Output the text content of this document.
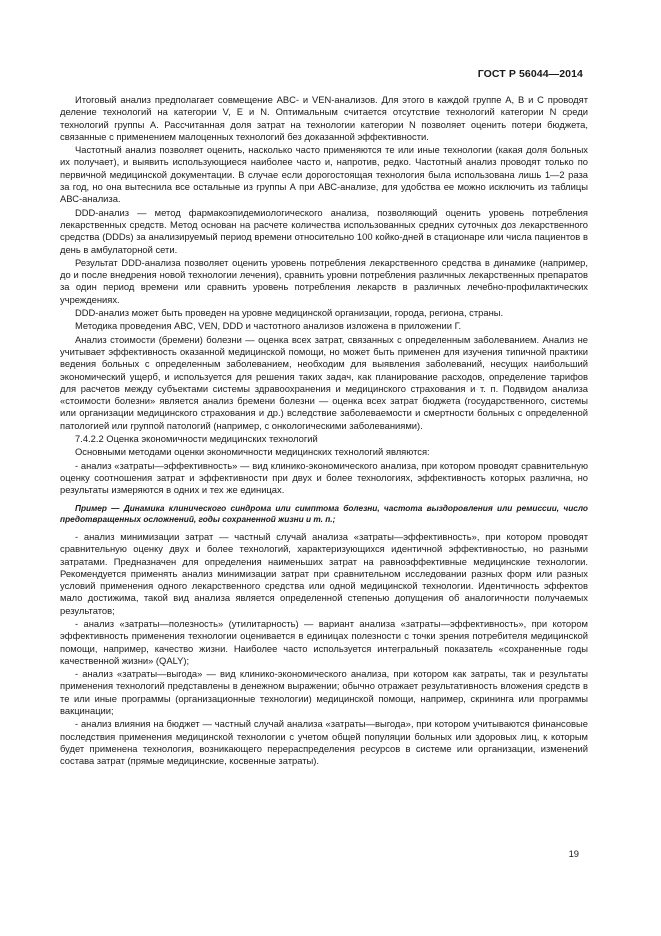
ГОСТ Р 56044—2014

Итоговый анализ предполагает совмещение ABC- и VEN-анализов. Для этого в каждой группе А, В и С проводят деление технологий на категории V, E и N. Оптимальным считается отсутствие технологий категории N среди технологий группы А. Рассчитанная доля затрат на технологии категории N позволяет оценить потери бюджета, связанные с применением малоценных технологий без доказанной эффективности.

Частотный анализ позволяет оценить, насколько часто применяются те или иные технологии (какая доля больных их получает), и выявить использующиеся наиболее часто и, напротив, редко. Частотный анализ проводят только по первичной медицинской документации. В случае если дорогостоящая технология была использована лишь 1—2 раза за год, но она вытеснила все остальные из группы А при АВС-анализе, для удобства ее можно исключить из таблицы АВС-анализа.

DDD-анализ — метод фармакоэпидемиологического анализа, позволяющий оценить уровень потребления лекарственных средств. Метод основан на расчете количества использованных средних суточных доз лекарственного средства (DDDs) за анализируемый период времени относительно 100 койко-дней в стационаре или числа пациентов в день в амбулаторной сети.

Результат DDD-анализа позволяет оценить уровень потребления лекарственного средства в динамике (например, до и после внедрения новой технологии лечения), сравнить уровни потребления различных лекарственных препаратов за один период времени или сравнить уровень потребления лекарств в различных лечебно-профилактических учреждениях.

DDD-анализ может быть проведен на уровне медицинской организации, города, региона, страны.

Методика проведения АВС, VEN, DDD и частотного анализов изложена в приложении Г.

Анализ стоимости (бремени) болезни — оценка всех затрат, связанных с определенным заболеванием. Анализ не учитывает эффективность оказанной медицинской помощи, но может быть применен для изучения типичной практики ведения больных с определенным заболеванием, необходим для выявления заболеваний, несущих наибольший экономический ущерб, и используется для решения таких задач, как планирование расходов, определение тарифов для расчетов между субъектами системы здравоохранения и медицинского страхования и т. п. Подвидом анализа «стоимости болезни» является анализ бремени болезни — оценка всех затрат бюджета (государственного, системы или организации медицинского страхования и др.) вследствие заболеваемости и смертности больных с определенной патологией или группой патологий (например, с онкологическими заболеваниями).

7.4.2.2 Оценка экономичности медицинских технологий

Основными методами оценки экономичности медицинских технологий являются:

- анализ «затраты—эффективность» — вид клинико-экономического анализа, при котором проводят сравнительную оценку соотношения затрат и эффективности при двух и более технологиях, эффективность которых различна, но результаты измеряются в одних и тех же единицах.

Пример — Динамика клинического синдрома или симптома болезни, частота выздоровления или ремиссии, число предотвращенных осложнений, годы сохраненной жизни и т. п.;

- анализ минимизации затрат — частный случай анализа «затраты—эффективность», при котором проводят сравнительную оценку двух и более технологий, характеризующихся идентичной эффективностью, но разными затратами. Предназначен для определения наименьших затрат на равноэффективные медицинские технологии. Рекомендуется применять анализ минимизации затрат при сравнительном исследовании разных форм или разных условий применения одного лекарственного средства или одной медицинской технологии. Идентичность эффектов мало достижима, такой вид анализа является определенной степенью допущения об аналогичности получаемых результатов;

- анализ «затраты—полезность» (утилитарность) — вариант анализа «затраты—эффективность», при котором эффективность применения технологии оценивается в единицах полезности с точки зрения потребителя медицинской помощи, например, качество жизни. Наиболее часто используется интегральный показатель «сохраненные годы качественной жизни» (QALY);

- анализ «затраты—выгода» — вид клинико-экономического анализа, при котором как затраты, так и результаты применения технологий представлены в денежном выражении; обычно отражает результативность вложения средств в те или иные программы (организационные технологии) медицинской помощи, например, скрининга или программы вакцинации;

- анализ влияния на бюджет — частный случай анализа «затраты—выгода», при котором учитываются финансовые последствия применения медицинской технологии с учетом общей популяции больных или здоровых лиц, к которым будет применена технология, возникающего перераспределения ресурсов в системе или организации, изменений состава затрат (прямые медицинские, косвенные затраты).

19
